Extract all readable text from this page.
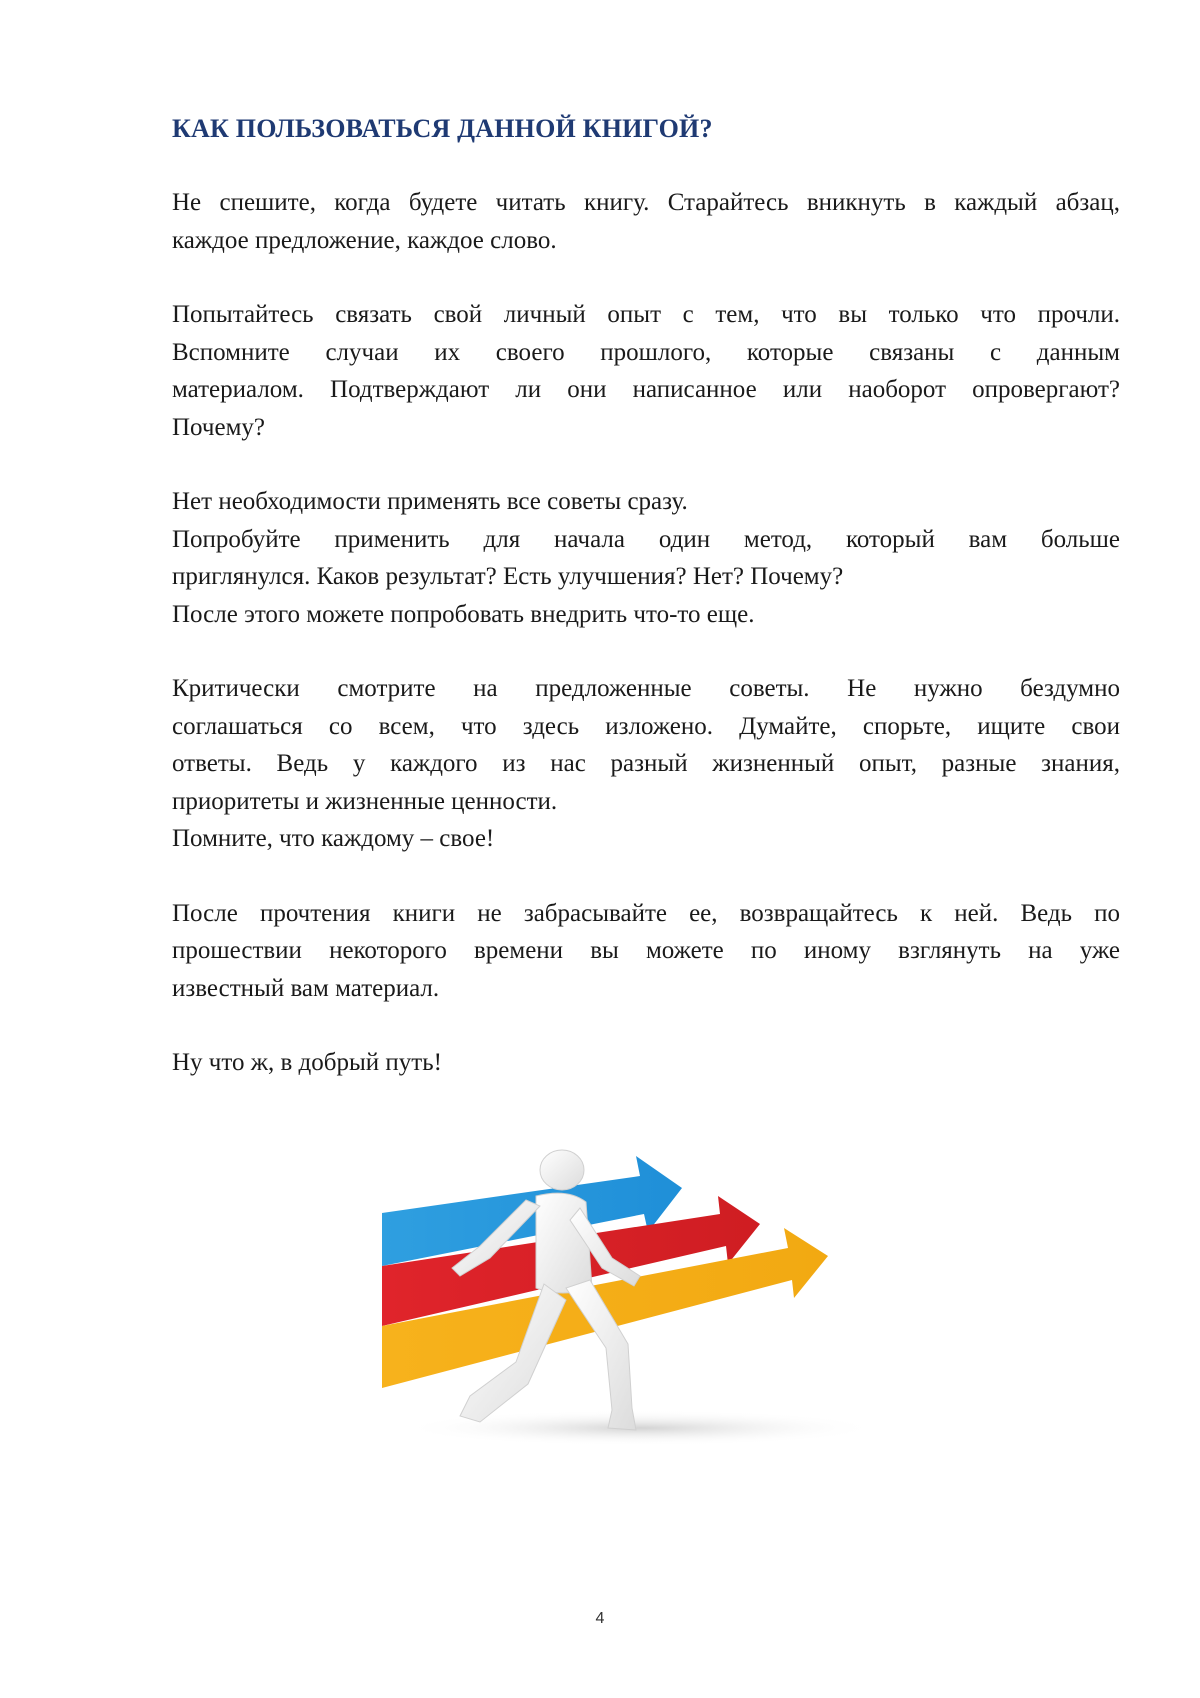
КАК ПОЛЬЗОВАТЬСЯ ДАННОЙ КНИГОЙ?
Не спешите, когда будете читать книгу. Старайтесь вникнуть в каждый абзац,
каждое предложение, каждое слово.
Попытайтесь связать свой личный опыт с тем, что вы только что прочли.
Вспомните случаи их своего прошлого, которые связаны с данным
материалом. Подтверждают ли они написанное или наоборот опровергают?
Почему?
Нет необходимости применять все советы сразу.
Попробуйте применить для начала один метод, который вам больше
приглянулся. Каков результат? Есть улучшения? Нет? Почему?
После этого можете попробовать внедрить что-то еще.
Критически смотрите на предложенные советы. Не нужно бездумно
соглашаться со всем, что здесь изложено. Думайте, спорьте, ищите свои
ответы. Ведь у каждого из нас разный жизненный опыт, разные знания,
приоритеты и жизненные ценности.
Помните, что каждому – свое!
После прочтения книги не забрасывайте ее, возвращайтесь к ней. Ведь по
прошествии некоторого времени вы можете по иному взглянуть на уже
известный вам материал.
Ну что ж, в добрый путь!
4
